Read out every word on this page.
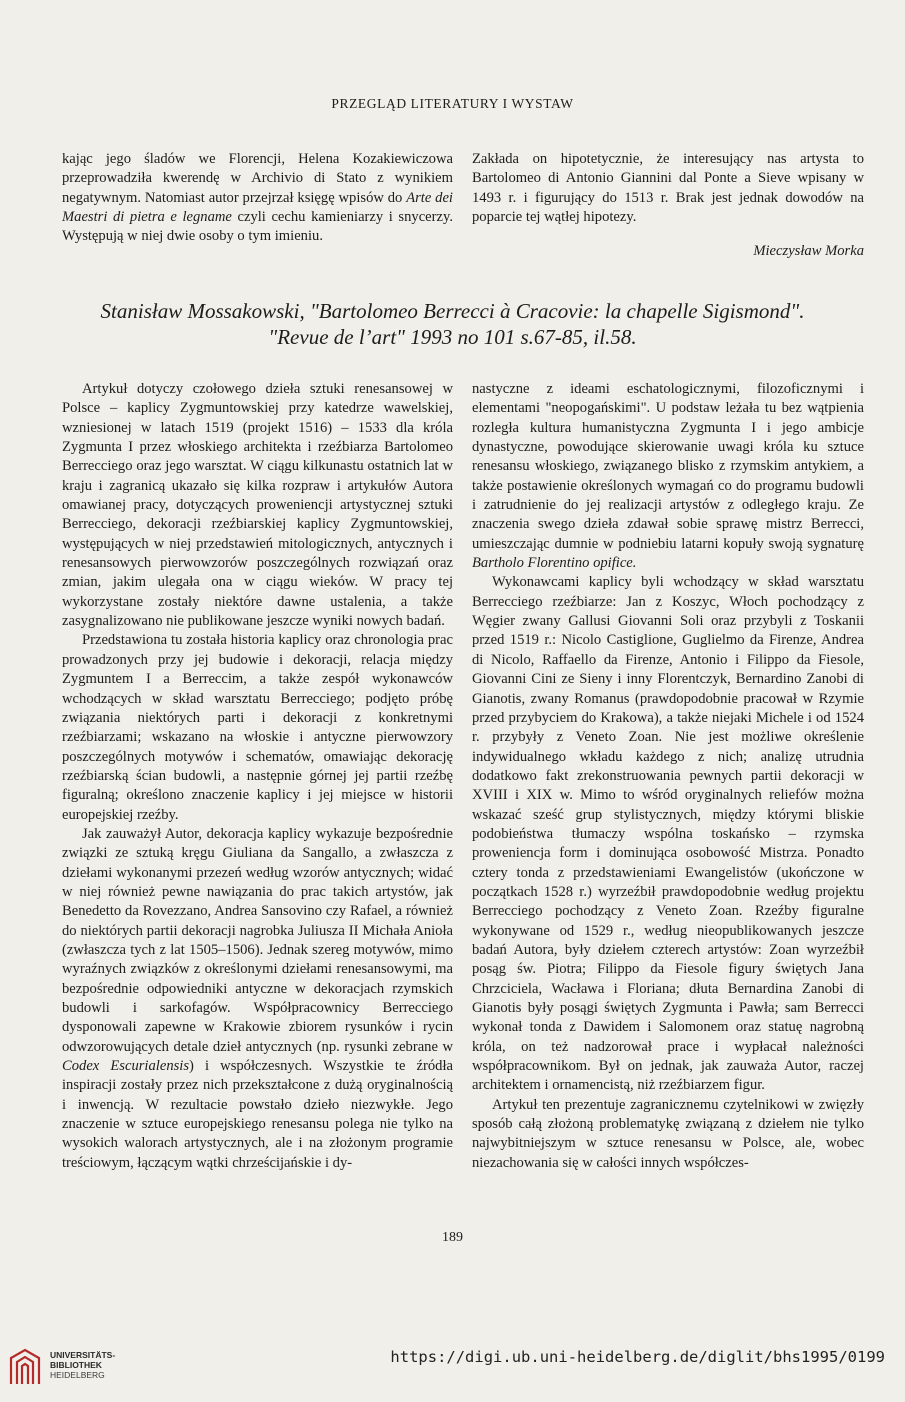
PRZEGLĄD LITERATURY I WYSTAW

kając jego śladów we Florencji, Helena Kozakiewiczowa przeprowadziła kwerendę w Archivio di Stato z wynikiem negatywnym. Natomiast autor przejrzał księgę wpisów do Arte dei Maestri di pietra e legname czyli cechu kamieniarzy i snycerzy. Występują w niej dwie osoby o tym imieniu.

Zakłada on hipotetycznie, że interesujący nas artysta to Bartolomeo di Antonio Giannini dal Ponte a Sieve wpisany w 1493 r. i figurujący do 1513 r. Brak jest jednak dowodów na poparcie tej wątłej hipotezy.

Mieczysław Morka
Stanisław Mossakowski, "Bartolomeo Berrecci à Cracovie: la chapelle Sigismond".
"Revue de l’art" 1993 no 101 s.67-85, il.58.

Artykuł dotyczy czołowego dzieła sztuki renesansowej w Polsce – kaplicy Zygmuntowskiej przy katedrze wawelskiej, wzniesionej w latach 1519 (projekt 1516) – 1533 dla króla Zygmunta I przez włoskiego architekta i rzeźbiarza Bartolomeo Berrecciego oraz jego warsztat. W ciągu kilkunastu ostatnich lat w kraju i zagranicą ukazało się kilka rozpraw i artykułów Autora omawianej pracy, dotyczących proweniencji artystycznej sztuki Berrecciego, dekoracji rzeźbiarskiej kaplicy Zygmuntowskiej, występujących w niej przedstawień mitologicznych, antycznych i renesansowych pierwowzorów poszczególnych rozwiązań oraz zmian, jakim ulegała ona w ciągu wieków. W pracy tej wykorzystane zostały niektóre dawne ustalenia, a także zasygnalizowano nie publikowane jeszcze wyniki nowych badań.

Przedstawiona tu została historia kaplicy oraz chronologia prac prowadzonych przy jej budowie i dekoracji, relacja między Zygmuntem I a Berreccim, a także zespół wykonawców wchodzących w skład warsztatu Berrecciego; podjęto próbę związania niektórych parti i dekoracji z konkretnymi rzeźbiarzami; wskazano na włoskie i antyczne pierwowzory poszczególnych motywów i schematów, omawiając dekorację rzeźbiarską ścian budowli, a następnie górnej jej partii rzeźbę figuralną; określono znaczenie kaplicy i jej miejsce w historii europejskiej rzeźby.

Jak zauważył Autor, dekoracja kaplicy wykazuje bezpośrednie związki ze sztuką kręgu Giuliana da Sangallo, a zwłaszcza z dziełami wykonanymi przezeń według wzorów antycznych; widać w niej również pewne nawiązania do prac takich artystów, jak Benedetto da Rovezzano, Andrea Sansovino czy Rafael, a również do niektórych partii dekoracji nagrobka Juliusza II Michała Anioła (zwłaszcza tych z lat 1505–1506). Jednak szereg motywów, mimo wyraźnych związków z określonymi dziełami renesansowymi, ma bezpośrednie odpowiedniki antyczne w dekoracjach rzymskich budowli i sarkofagów. Współpracownicy Berrecciego dysponowali zapewne w Krakowie zbiorem rysunków i rycin odwzorowujących detale dzieł antycznych (np. rysunki zebrane w Codex Escurialensis) i współczesnych. Wszystkie te źródła inspiracji zostały przez nich przekształcone z dużą oryginalnością i inwencją. W rezultacie powstało dzieło niezwykłe. Jego znaczenie w sztuce europejskiego renesansu polega nie tylko na wysokich walorach artystycznych, ale i na złożonym programie treściowym, łączącym wątki chrześcijańskie i dy-

nastyczne z ideami eschatologicznymi, filozoficznymi i elementami "neopogańskimi". U podstaw leżała tu bez wątpienia rozległa kultura humanistyczna Zygmunta I i jego ambicje dynastyczne, powodujące skierowanie uwagi króla ku sztuce renesansu włoskiego, związanego blisko z rzymskim antykiem, a także postawienie określonych wymagań co do programu budowli i zatrudnienie do jej realizacji artystów z odległego kraju. Ze znaczenia swego dzieła zdawał sobie sprawę mistrz Berrecci, umieszczając dumnie w podniebiu latarni kopuły swoją sygnaturę Bartholo Florentino opifice.

Wykonawcami kaplicy byli wchodzący w skład warsztatu Berrecciego rzeźbiarze: Jan z Koszyc, Włoch pochodzący z Węgier zwany Gallusi Giovanni Soli oraz przybyli z Toskanii przed 1519 r.: Nicolo Castiglione, Guglielmo da Firenze, Andrea di Nicolo, Raffaello da Firenze, Antonio i Filippo da Fiesole, Giovanni Cini ze Sieny i inny Florentczyk, Bernardino Zanobi di Gianotis, zwany Romanus (prawdopodobnie pracował w Rzymie przed przybyciem do Krakowa), a także niejaki Michele i od 1524 r. przybyły z Veneto Zoan. Nie jest możliwe określenie indywidualnego wkładu każdego z nich; analizę utrudnia dodatkowo fakt zrekonstruowania pewnych partii dekoracji w XVIII i XIX w. Mimo to wśród oryginalnych reliefów można wskazać sześć grup stylistycznych, między którymi bliskie podobieństwa tłumaczy wspólna toskańsko – rzymska proweniencja form i dominująca osobowość Mistrza. Ponadto cztery tonda z przedstawieniami Ewangelistów (ukończone w początkach 1528 r.) wyrzeźbił prawdopodobnie według projektu Berrecciego pochodzący z Veneto Zoan. Rzeźby figuralne wykonywane od 1529 r., według nieopublikowanych jeszcze badań Autora, były dziełem czterech artystów: Zoan wyrzeźbił posąg św. Piotra; Filippo da Fiesole figury świętych Jana Chrzciciela, Wacława i Floriana; dłuta Bernardina Zanobi di Gianotis były posągi świętych Zygmunta i Pawła; sam Berrecci wykonał tonda z Dawidem i Salomonem oraz statuę nagrobną króla, on też nadzorował prace i wypłacał należności współpracownikom. Był on jednak, jak zauważa Autor, raczej architektem i ornamencistą, niż rzeźbiarzem figur.

Artykuł ten prezentuje zagranicznemu czytelnikowi w zwięzły sposób całą złożoną problematykę związaną z dziełem nie tylko najwybitniejszym w sztuce renesansu w Polsce, ale, wobec niezachowania się w całości innych współczes-

189
UNIVERSITÄTS-
BIBLIOTHEK
HEIDELBERG
https://digi.ub.uni-heidelberg.de/diglit/bhs1995/0199
